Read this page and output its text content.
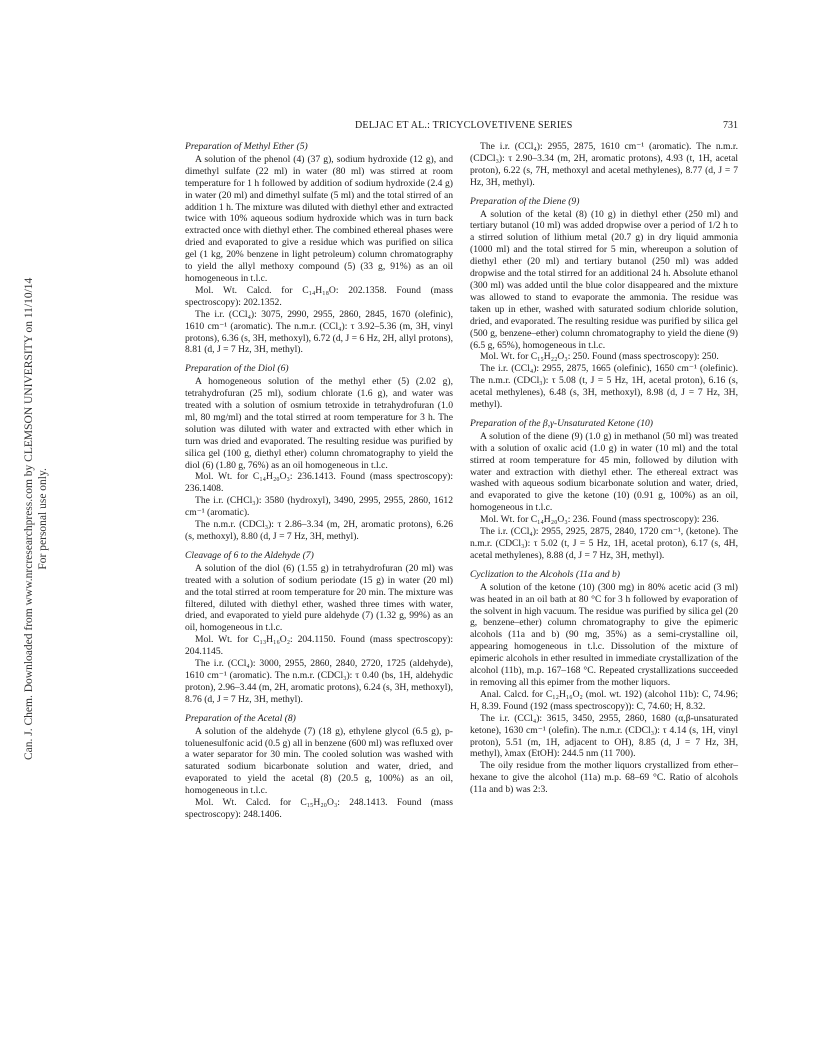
Can. J. Chem. Downloaded from www.nrcresearchpress.com by CLEMSON UNIVERSITY on 11/10/14 For personal use only.
DELJAC ET AL.: TRICYCLOVETIVENE SERIES	731
Preparation of Methyl Ether (5)

A solution of the phenol (4) (37 g), sodium hydroxide (12 g), and dimethyl sulfate (22 ml) in water (80 ml) was stirred at room temperature for 1 h followed by addition of sodium hydroxide (2.4 g) in water (20 ml) and dimethyl sulfate (5 ml) and the total stirred of an addition 1 h. The mixture was diluted with diethyl ether and extracted twice with 10% aqueous sodium hydroxide which was in turn back extracted once with diethyl ether. The combined ethereal phases were dried and evaporated to give a residue which was purified on silica gel (1 kg, 20% benzene in light petroleum) column chromatography to yield the allyl methoxy compound (5) (33 g, 91%) as an oil homogeneous in t.l.c.

Mol. Wt. Calcd. for C₁₄H₁₈O: 202.1358. Found (mass spectroscopy): 202.1352.

The i.r. (CCl₄): 3075, 2990, 2955, 2860, 2845, 1670 (olefinic), 1610 cm⁻¹ (aromatic). The n.m.r. (CCl₄): τ 3.92–5.36 (m, 3H, vinyl protons), 6.36 (s, 3H, methoxyl), 6.72 (d, J = 6 Hz, 2H, allyl protons), 8.81 (d, J = 7 Hz, 3H, methyl).

Preparation of the Diol (6)

A homogeneous solution of the methyl ether (5) (2.02 g), tetrahydrofuran (25 ml), sodium chlorate (1.6 g), and water was treated with a solution of osmium tetroxide in tetrahydrofuran (1.0 ml, 80 mg/ml) and the total stirred at room temperature for 3 h. The solution was diluted with water and extracted with ether which in turn was dried and evaporated. The resulting residue was purified by silica gel (100 g, diethyl ether) column chromatography to yield the diol (6) (1.80 g, 76%) as an oil homogeneous in t.l.c.

Mol. Wt. for C₁₄H₂₀O₃: 236.1413. Found (mass spectroscopy): 236.1408.

The i.r. (CHCl₃): 3580 (hydroxyl), 3490, 2995, 2955, 2860, 1612 cm⁻¹ (aromatic).

The n.m.r. (CDCl₃): τ 2.86–3.34 (m, 2H, aromatic protons), 6.26 (s, methoxyl), 8.80 (d, J = 7 Hz, 3H, methyl).

Cleavage of 6 to the Aldehyde (7)

A solution of the diol (6) (1.55 g) in tetrahydrofuran (20 ml) was treated with a solution of sodium periodate (15 g) in water (20 ml) and the total stirred at room temperature for 20 min. The mixture was filtered, diluted with diethyl ether, washed three times with water, dried, and evaporated to yield pure aldehyde (7) (1.32 g, 99%) as an oil, homogeneous in t.l.c.

Mol. Wt. for C₁₃H₁₆O₂: 204.1150. Found (mass spectroscopy): 204.1145.

The i.r. (CCl₄): 3000, 2955, 2860, 2840, 2720, 1725 (aldehyde), 1610 cm⁻¹ (aromatic). The n.m.r. (CDCl₃): τ 0.40 (bs, 1H, aldehydic proton), 2.96–3.44 (m, 2H, aromatic protons), 6.24 (s, 3H, methoxyl), 8.76 (d, J = 7 Hz, 3H, methyl).

Preparation of the Acetal (8)

A solution of the aldehyde (7) (18 g), ethylene glycol (6.5 g), p-toluenesulfonic acid (0.5 g) all in benzene (600 ml) was refluxed over a water separator for 30 min. The cooled solution was washed with saturated sodium bicarbonate solution and water, dried, and evaporated to yield the acetal (8) (20.5 g, 100%) as an oil, homogeneous in t.l.c.

Mol. Wt. Calcd. for C₁₅H₂₀O₃: 248.1413. Found (mass spectroscopy): 248.1406.

The i.r. (CCl₄): 2955, 2875, 1610 cm⁻¹ (aromatic). The n.m.r. (CDCl₃): τ 2.90–3.34 (m, 2H, aromatic protons), 4.93 (t, 1H, acetal proton), 6.22 (s, 7H, methoxyl and acetal methylenes), 8.77 (d, J = 7 Hz, 3H, methyl).

Preparation of the Diene (9)

A solution of the ketal (8) (10 g) in diethyl ether (250 ml) and tertiary butanol (10 ml) was added dropwise over a period of 1/2 h to a stirred solution of lithium metal (20.7 g) in dry liquid ammonia (1000 ml) and the total stirred for 5 min, whereupon a solution of diethyl ether (20 ml) and tertiary butanol (250 ml) was added dropwise and the total stirred for an additional 24 h. Absolute ethanol (300 ml) was added until the blue color disappeared and the mixture was allowed to stand to evaporate the ammonia. The residue was taken up in ether, washed with saturated sodium chloride solution, dried, and evaporated. The resulting residue was purified by silica gel (500 g, benzene–ether) column chromatography to yield the diene (9) (6.5 g, 65%), homogeneous in t.l.c.

Mol. Wt. for C₁₅H₂₂O₃: 250. Found (mass spectroscopy): 250.

The i.r. (CCl₄): 2955, 2875, 1665 (olefinic), 1650 cm⁻¹ (olefinic). The n.m.r. (CDCl₃): τ 5.08 (t, J = 5 Hz, 1H, acetal proton), 6.16 (s, acetal methylenes), 6.48 (s, 3H, methoxyl), 8.98 (d, J = 7 Hz, 3H, methyl).

Preparation of the β,γ-Unsaturated Ketone (10)

A solution of the diene (9) (1.0 g) in methanol (50 ml) was treated with a solution of oxalic acid (1.0 g) in water (10 ml) and the total stirred at room temperature for 45 min, followed by dilution with water and extraction with diethyl ether. The ethereal extract was washed with aqueous sodium bicarbonate solution and water, dried, and evaporated to give the ketone (10) (0.91 g, 100%) as an oil, homogeneous in t.l.c.

Mol. Wt. for C₁₄H₂₀O₃: 236. Found (mass spectroscopy): 236.

The i.r. (CCl₄): 2955, 2925, 2875, 2840, 1720 cm⁻¹, (ketone). The n.m.r. (CDCl₃): τ 5.02 (t, J = 5 Hz, 1H, acetal proton), 6.17 (s, 4H, acetal methylenes), 8.88 (d, J = 7 Hz, 3H, methyl).

Cyclization to the Alcohols (11a and b)

A solution of the ketone (10) (300 mg) in 80% acetic acid (3 ml) was heated in an oil bath at 80 °C for 3 h followed by evaporation of the solvent in high vacuum. The residue was purified by silica gel (20 g, benzene–ether) column chromatography to give the epimeric alcohols (11a and b) (90 mg, 35%) as a semi-crystalline oil, appearing homogeneous in t.l.c. Dissolution of the mixture of epimeric alcohols in ether resulted in immediate crystallization of the alcohol (11b), m.p. 167–168 °C. Repeated crystallizations succeeded in removing all this epimer from the mother liquors.

Anal. Calcd. for C₁₂H₁₆O₂ (mol. wt. 192) (alcohol 11b): C, 74.96; H, 8.39. Found (192 (mass spectroscopy)): C, 74.60; H, 8.32.

The i.r. (CCl₄): 3615, 3450, 2955, 2860, 1680 (α,β-unsaturated ketone), 1630 cm⁻¹ (olefin). The n.m.r. (CDCl₃): τ 4.14 (s, 1H, vinyl proton), 5.51 (m, 1H, adjacent to OH), 8.85 (d, J = 7 Hz, 3H, methyl), λmax (EtOH): 244.5 nm (11 700).

The oily residue from the mother liquors crystallized from ether–hexane to give the alcohol (11a) m.p. 68–69 °C. Ratio of alcohols (11a and b) was 2:3.
